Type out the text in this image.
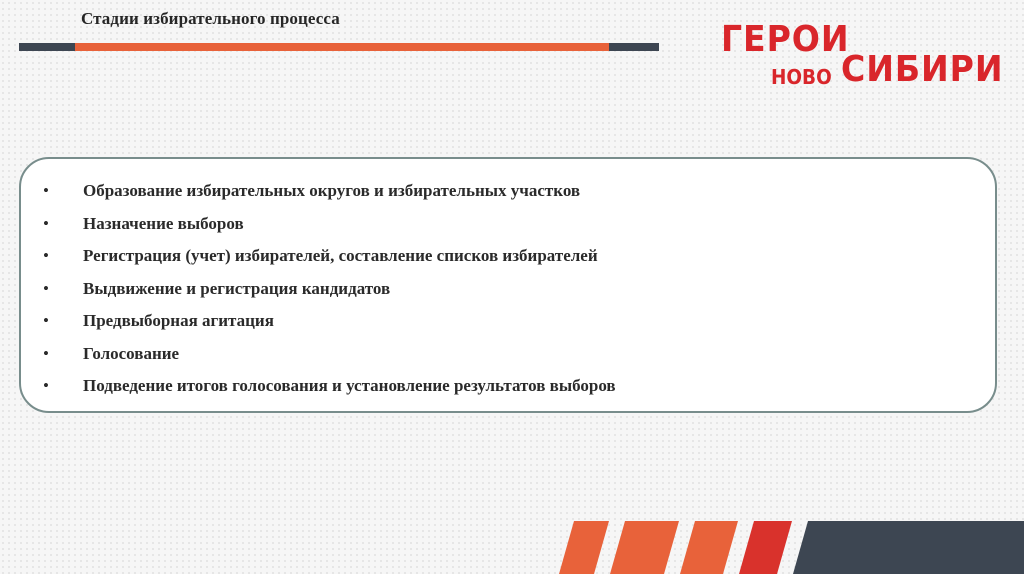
Стадии избирательного процесса
ГЕРОИ
НОВО СИБИРИ
•	Образование избирательных округов и избирательных участков
•	Назначение выборов
•	Регистрация (учет) избирателей, составление списков избирателей
•	Выдвижение и регистрация кандидатов
•	Предвыборная агитация
•	Голосование
•	Подведение итогов голосования и установление результатов выборов
